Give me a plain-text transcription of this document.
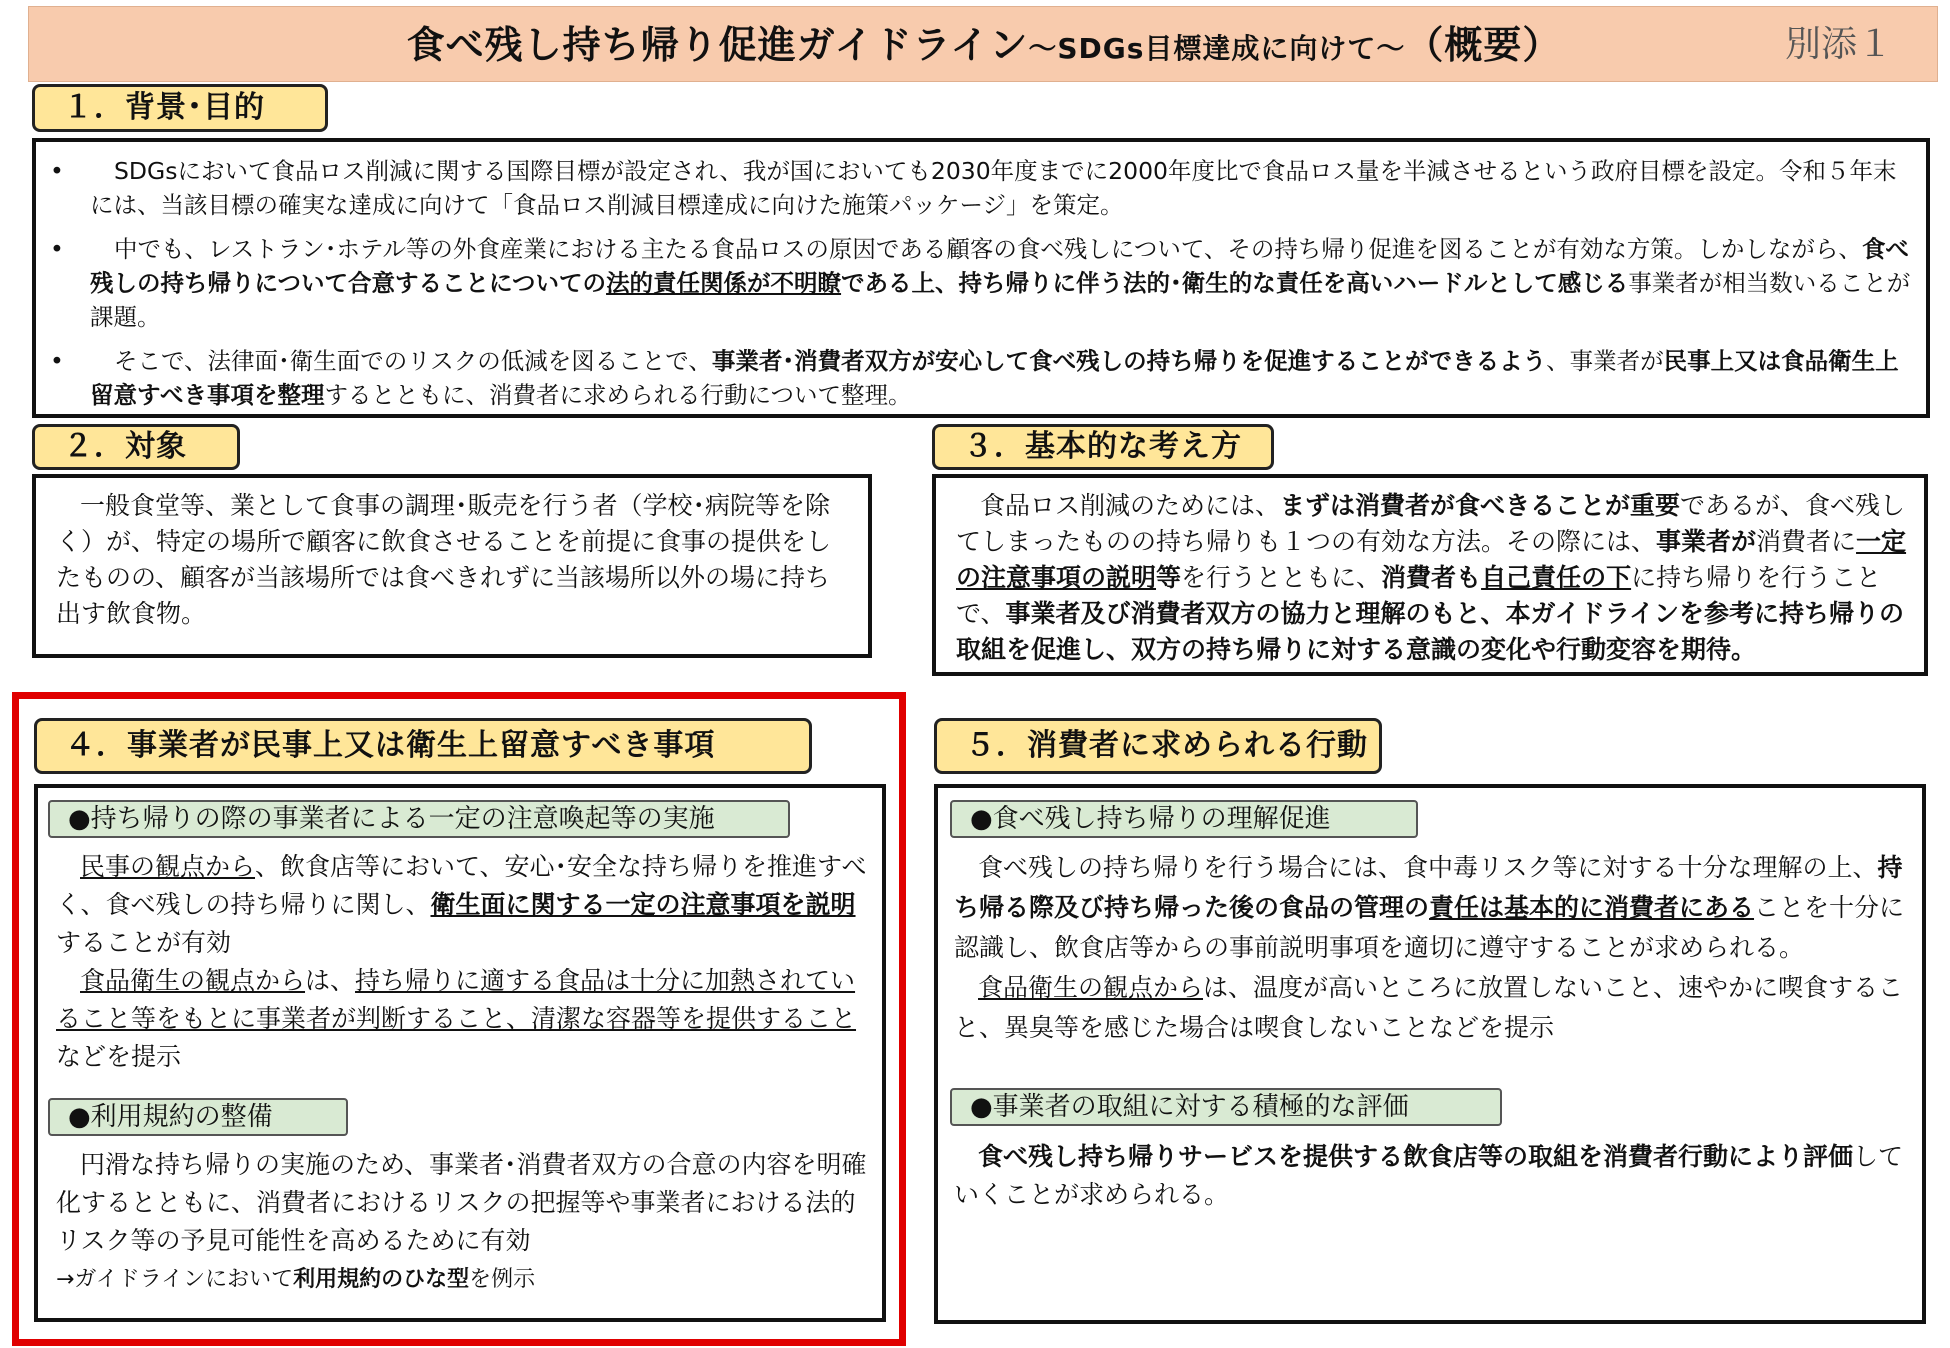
食べ残し持ち帰り促進ガイドライン～SDGs目標達成に向けて～（概要）	別添１
１．背景･目的
• SDGsにおいて食品ロス削減に関する国際目標が設定され、我が国においても2030年度までに2000年度比で食品ロス量を半減させるという政府目標を設定。令和５年末には、当該目標の確実な達成に向けて「食品ロス削減目標達成に向けた施策パッケージ」を策定。
• 中でも、レストラン･ホテル等の外食産業における主たる食品ロスの原因である顧客の食べ残しについて、その持ち帰り促進を図ることが有効な方策。しかしながら、食べ残しの持ち帰りについて合意することについての法的責任関係が不明瞭である上、持ち帰りに伴う法的･衛生的な責任を高いハードルとして感じる事業者が相当数いることが課題。
• そこで、法律面･衛生面でのリスクの低減を図ることで、事業者･消費者双方が安心して食べ残しの持ち帰りを促進することができるよう、事業者が民事上又は食品衛生上留意すべき事項を整理するとともに、消費者に求められる行動について整理。
２．対象

一般食堂等、業として食事の調理･販売を行う者（学校･病院等を除く）が、特定の場所で顧客に飲食させることを前提に食事の提供をしたものの、顧客が当該場所では食べきれずに当該場所以外の場に持ち出す飲食物。

３．基本的な考え方

食品ロス削減のためには、まずは消費者が食べきることが重要であるが、食べ残してしまったものの持ち帰りも１つの有効な方法。その際には、事業者が消費者に一定の注意事項の説明等を行うとともに、消費者も自己責任の下に持ち帰りを行うことで、事業者及び消費者双方の協力と理解のもと、本ガイドラインを参考に持ち帰りの取組を促進し、双方の持ち帰りに対する意識の変化や行動変容を期待。

４．事業者が民事上又は衛生上留意すべき事項
●持ち帰りの際の事業者による一定の注意喚起等の実施

民事の観点から、飲食店等において、安心･安全な持ち帰りを推進すべく、食べ残しの持ち帰りに関し、衛生面に関する一定の注意事項を説明することが有効

食品衛生の観点からは、持ち帰りに適する食品は十分に加熱されていること等をもとに事業者が判断すること、清潔な容器等を提供することなどを提示

●利用規約の整備

円滑な持ち帰りの実施のため、事業者･消費者双方の合意の内容を明確化するとともに、消費者におけるリスクの把握等や事業者における法的リスク等の予見可能性を高めるために有効

→ガイドラインにおいて利用規約のひな型を例示

５．消費者に求められる行動
●食べ残し持ち帰りの理解促進

食べ残しの持ち帰りを行う場合には、食中毒リスク等に対する十分な理解の上、持ち帰る際及び持ち帰った後の食品の管理の責任は基本的に消費者にあることを十分に認識し、飲食店等からの事前説明事項を適切に遵守することが求められる。

食品衛生の観点からは、温度が高いところに放置しないこと、速やかに喫食すること、異臭等を感じた場合は喫食しないことなどを提示

●事業者の取組に対する積極的な評価

食べ残し持ち帰りサービスを提供する飲食店等の取組を消費者行動により評価していくことが求められる。
